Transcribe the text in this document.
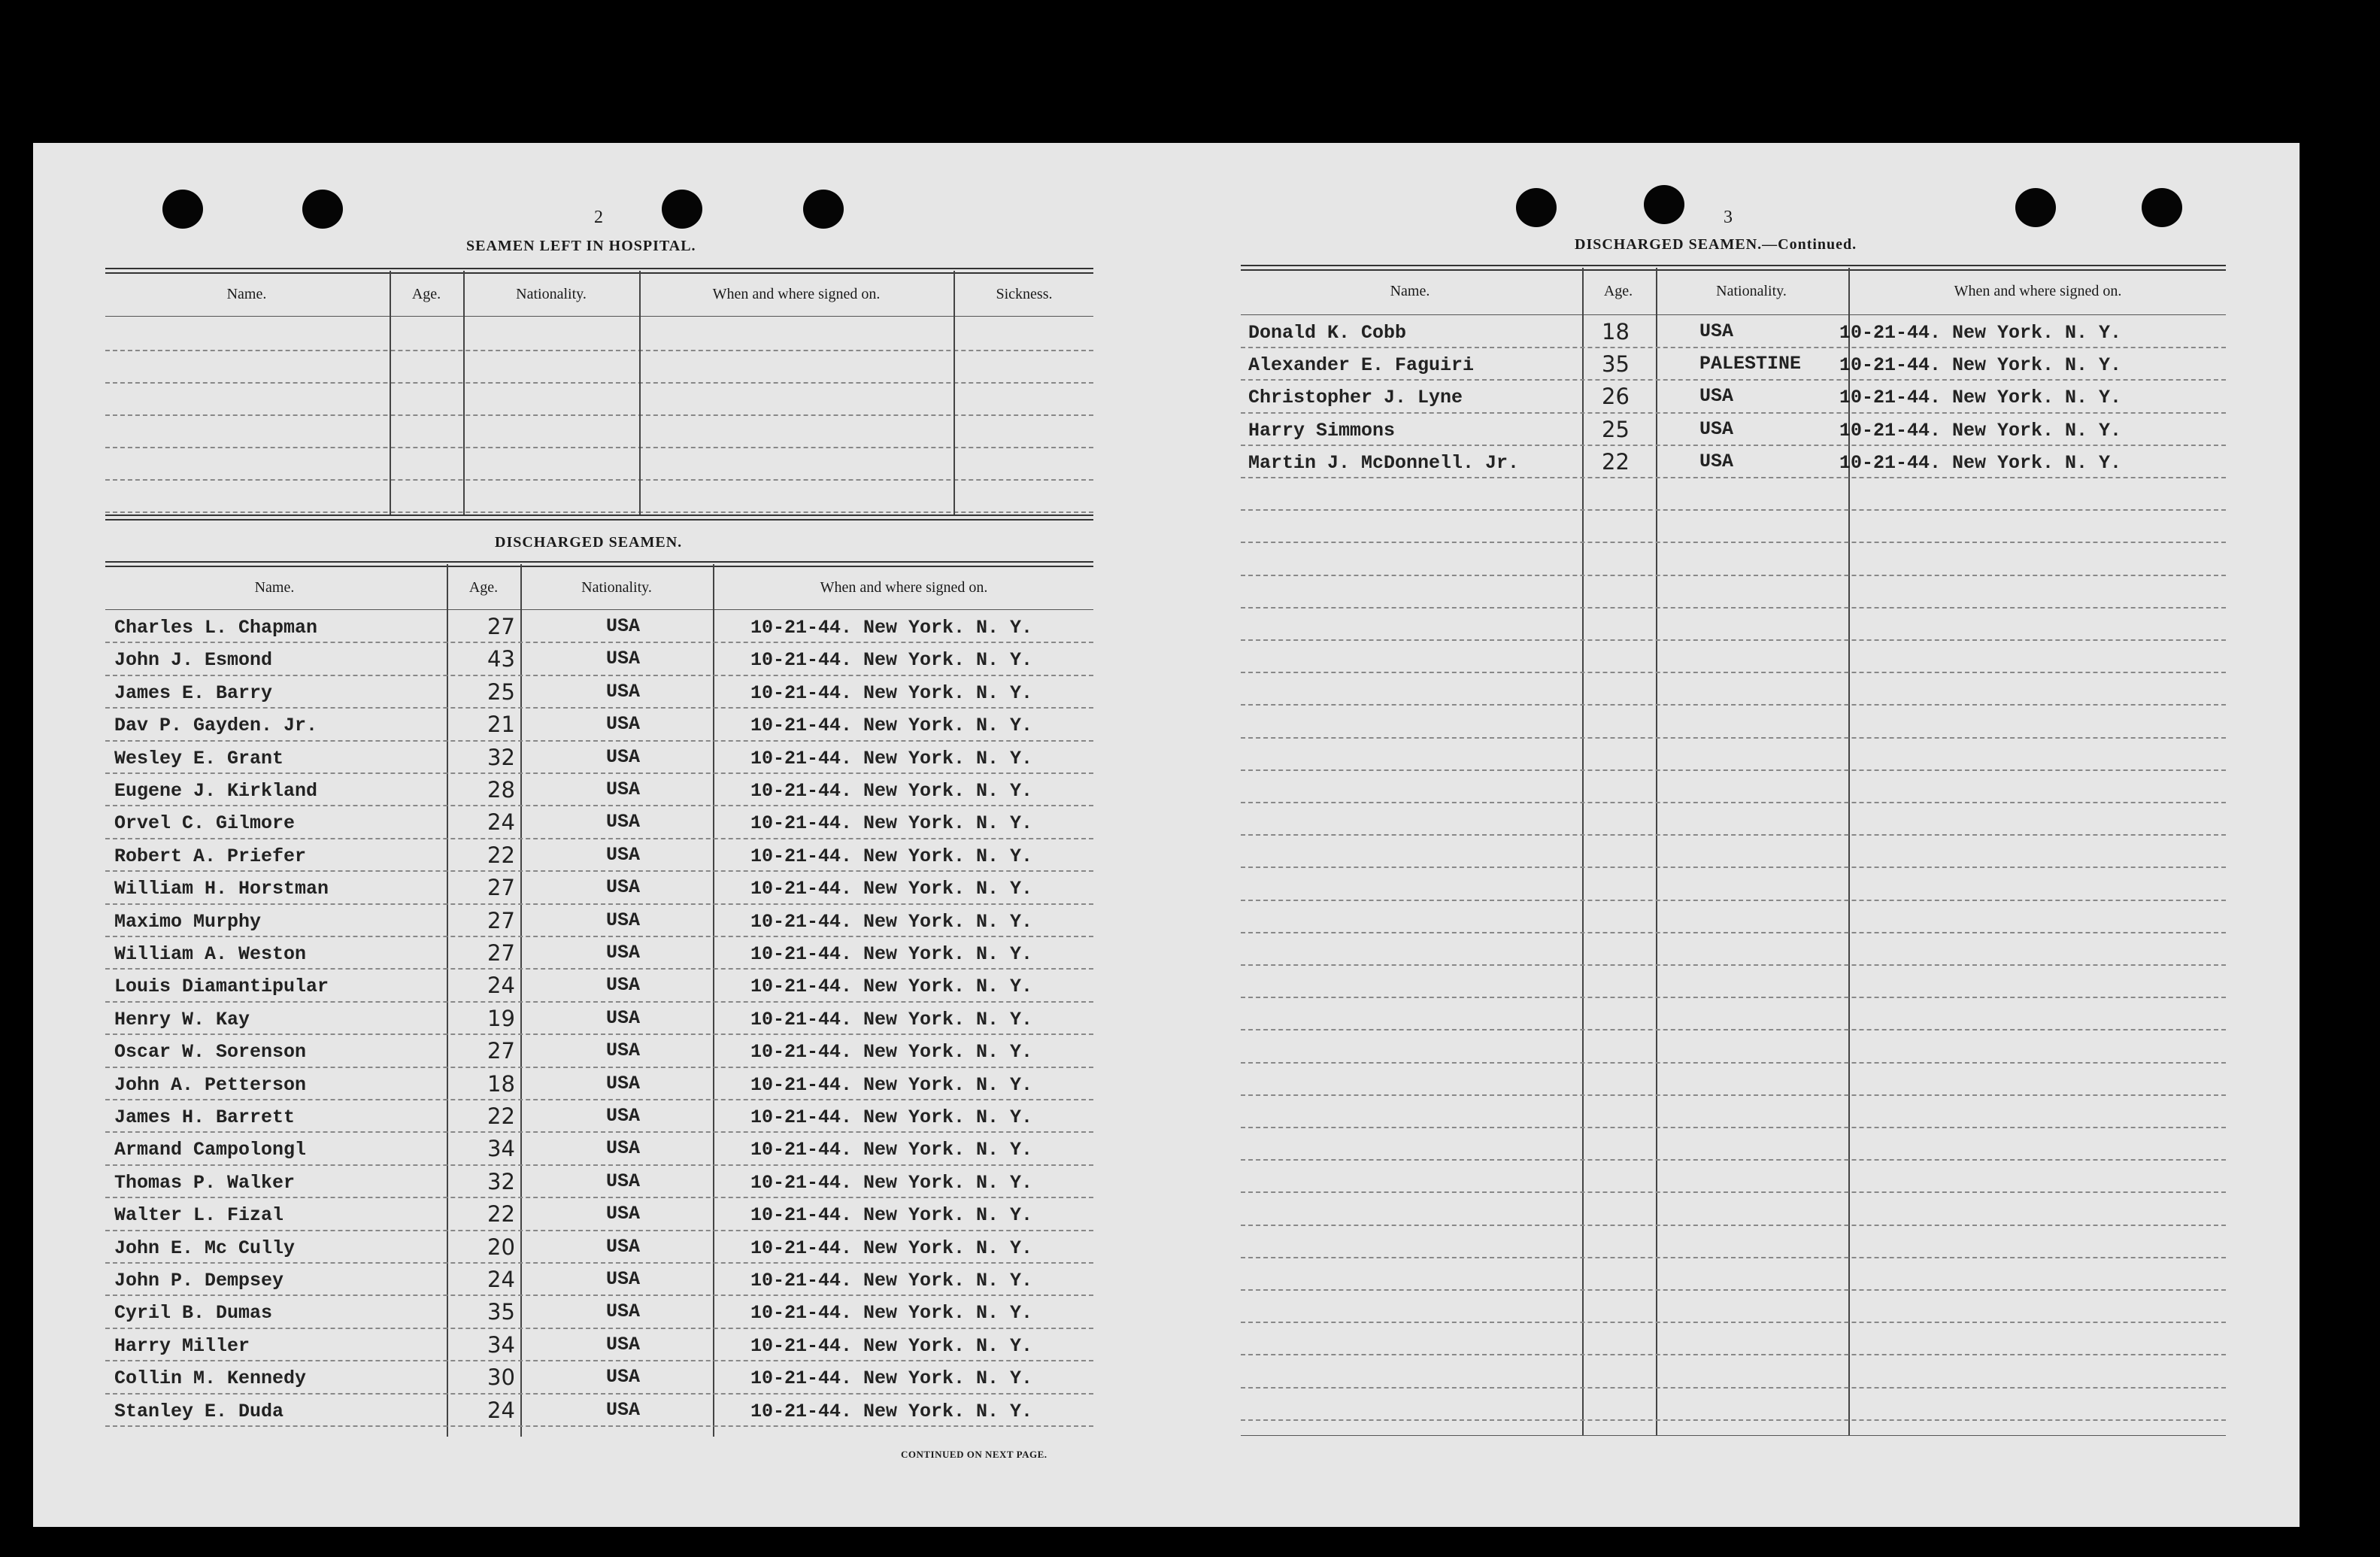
2
SEAMEN LEFT IN HOSPITAL.
Name.	Age.	Nationality.	When and where signed on.	Sickness.
DISCHARGED SEAMEN.
Name.	Age.	Nationality.	When and where signed on.
Charles L. Chapman	27	USA	10-21-44. New York. N. Y.
John J. Esmond	43	USA	10-21-44. New York. N. Y.
James E. Barry	25	USA	10-21-44. New York. N. Y.
Dav P. Gayden. Jr.	21	USA	10-21-44. New York. N. Y.
Wesley E. Grant	32	USA	10-21-44. New York. N. Y.
Eugene J. Kirkland	28	USA	10-21-44. New York. N. Y.
Orvel C. Gilmore	24	USA	10-21-44. New York. N. Y.
Robert A. Priefer	22	USA	10-21-44. New York. N. Y.
William H. Horstman	27	USA	10-21-44. New York. N. Y.
Maximo Murphy	27	USA	10-21-44. New York. N. Y.
William A. Weston	27	USA	10-21-44. New York. N. Y.
Louis Diamantipular	24	USA	10-21-44. New York. N. Y.
Henry W. Kay	19	USA	10-21-44. New York. N. Y.
Oscar W. Sorenson	27	USA	10-21-44. New York. N. Y.
John A. Petterson	18	USA	10-21-44. New York. N. Y.
James H. Barrett	22	USA	10-21-44. New York. N. Y.
Armand Campolongl	34	USA	10-21-44. New York. N. Y.
Thomas P. Walker	32	USA	10-21-44. New York. N. Y.
Walter L. Fizal	22	USA	10-21-44. New York. N. Y.
John E. Mc Cully	20	USA	10-21-44. New York. N. Y.
John P. Dempsey	24	USA	10-21-44. New York. N. Y.
Cyril B. Dumas	35	USA	10-21-44. New York. N. Y.
Harry Miller	34	USA	10-21-44. New York. N. Y.
Collin M. Kennedy	30	USA	10-21-44. New York. N. Y.
Stanley E. Duda	24	USA	10-21-44. New York. N. Y.
CONTINUED ON NEXT PAGE.
3
DISCHARGED SEAMEN.—Continued.
Name.	Age.	Nationality.	When and where signed on.
Donald K. Cobb	18	USA	10-21-44. New York. N. Y.
Alexander E. Faguiri	35	PALESTINE 10-21-44. New York. N. Y.
Christopher J. Lyne	26	USA	10-21-44. New York. N. Y.
Harry Simmons	25	USA	10-21-44. New York. N. Y.
Martin J. McDonnell. Jr.	22	USA	10-21-44. New York. N. Y.
